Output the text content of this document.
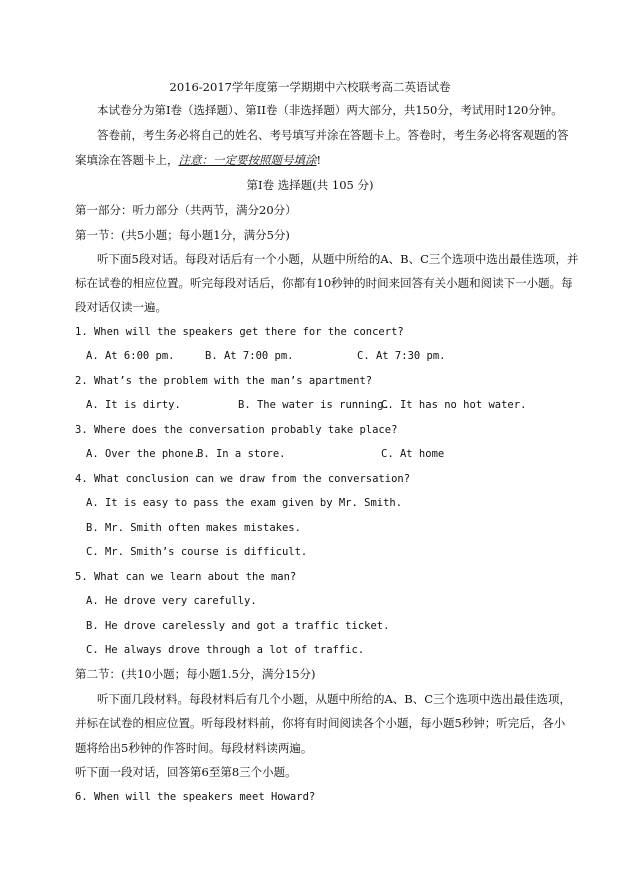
2016-2017学年度第一学期期中六校联考高二英语试卷
本试卷分为第Ⅰ卷（选择题）、第II卷（非选择题）两大部分，共150分，考试用时120分钟。
答卷前，考生务必将自己的姓名、考号填写并涂在答题卡上。答卷时，考生务必将客观题的答
案填涂在答题卡上，注意：一定要按照题号填涂!
第Ⅰ卷 选择题(共 105 分)
第一部分：听力部分（共两节，满分20分）
第一节：(共5小题；每小题1分，满分5分)
听下面5段对话。每段对话后有一个小题，从题中所给的A、B、C三个选项中选出最佳选项，并
标在试卷的相应位置。听完每段对话后，你都有10秒钟的时间来回答有关小题和阅读下一小题。每
段对话仅读一遍。
1. When will the speakers get there for the concert?
A. At 6:00 pm.	B. At 7:00 pm.	C. At 7:30 pm.
2. What’s the problem with the man’s apartment?
A. It is dirty.	B. The water is running.
C. It has no hot water.
3. Where does the conversation probably take place?
A. Over the phone.
B. In a store.	C. At home
4. What conclusion can we draw from the conversation?
A. It is easy to pass the exam given by Mr. Smith.
B. Mr. Smith often makes mistakes.
C. Mr. Smith’s course is difficult.
5. What can we learn about the man?
A. He drove very carefully.
B. He drove carelessly and got a traffic ticket.
C. He always drove through a lot of traffic.
第二节：(共10小题；每小题1.5分，满分15分)
听下面几段材料。每段材料后有几个小题，从题中所给的A、B、C三个选项中选出最佳选项，
并标在试卷的相应位置。听每段材料前，你将有时间阅读各个小题，每小题5秒钟；听完后，各小
题将给出5秒钟的作答时间。每段材料读两遍。
听下面一段对话，回答第6至第8三个小题。
6. When will the speakers meet Howard?
